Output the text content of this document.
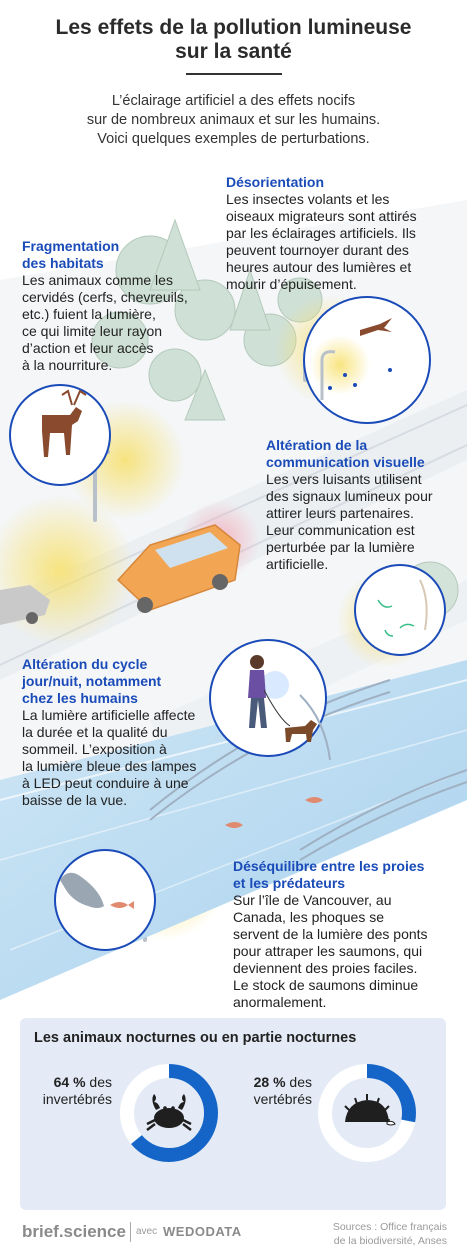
Les effets de la pollution lumineuse
sur la santé
L’éclairage artificiel a des effets nocifs
sur de nombreux animaux et sur les humains.
Voici quelques exemples de perturbations.
Désorientation
Les insectes volants et les
oiseaux migrateurs sont attirés
par les éclairages artificiels. Ils
peuvent tournoyer durant des
heures autour des lumières et
mourir d’épuisement.
Fragmentation
des habitats
Les animaux comme les
cervidés (cerfs, chevreuils,
etc.) fuient la lumière,
ce qui limite leur rayon
d’action et leur accès
à la nourriture.
Altération de la
communication visuelle
Les vers luisants utilisent
des signaux lumineux pour
attirer leurs partenaires.
Leur communication est
perturbée par la lumière
artificielle.
Altération du cycle
jour/nuit, notamment
chez les humains
La lumière artificielle affecte
la durée et la qualité du
sommeil. L’exposition à
la lumière bleue des lampes
à LED peut conduire à une
baisse de la vue.
Déséquilibre entre les proies
et les prédateurs
Sur l’île de Vancouver, au
Canada, les phoques se
servent de la lumière des ponts
pour attraper les saumons, qui
deviennent des proies faciles.
Le stock de saumons diminue
anormalement.
Les animaux nocturnes ou en partie nocturnes
64 % des
invertébrés
28 % des
vertébrés
brief.science avec WEDODATA	Sources : Office français
de la biodiversité, Anses
